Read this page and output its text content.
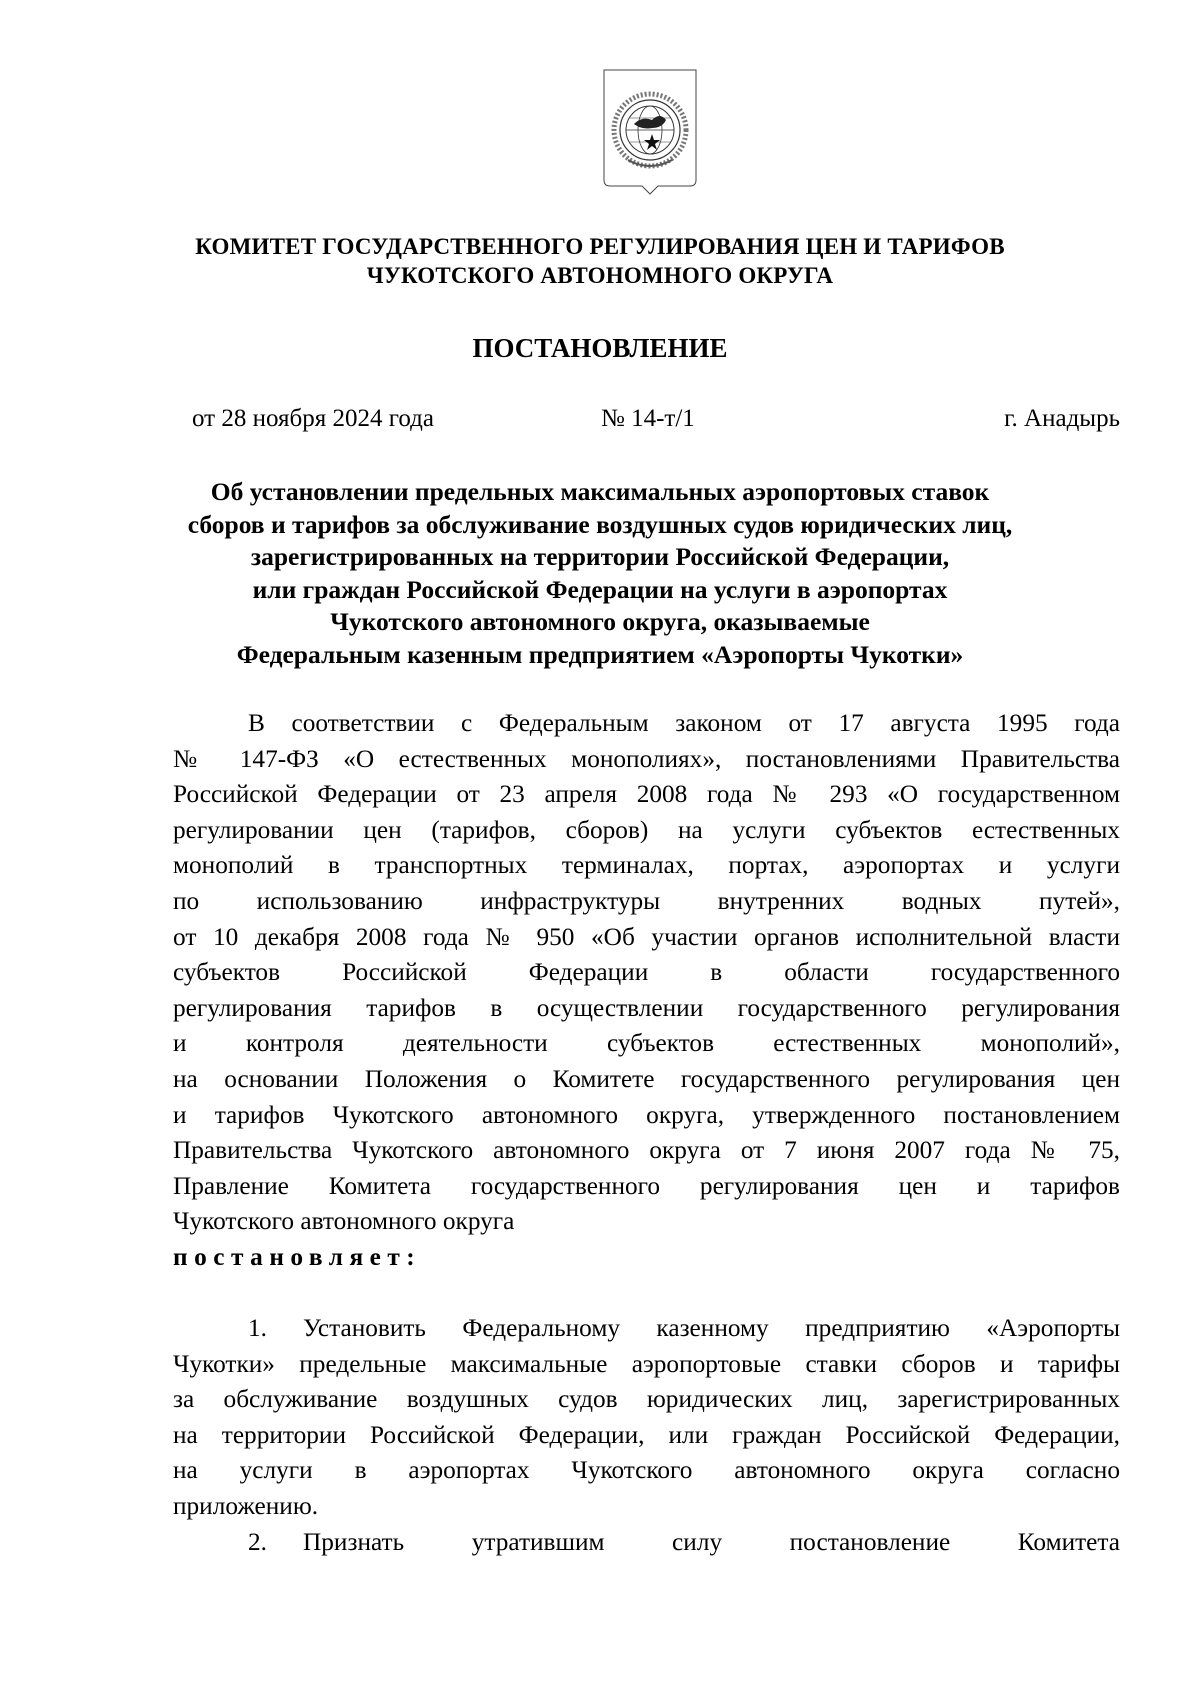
КОМИТЕТ ГОСУДАРСТВЕННОГО РЕГУЛИРОВАНИЯ ЦЕН И ТАРИФОВ
ЧУКОТСКОГО АВТОНОМНОГО ОКРУГА
ПОСТАНОВЛЕНИЕ
от 28 ноября 2024 года	№ 14-т/1	г. Анадырь
Об установлении предельных максимальных аэропортовых ставок
сборов и тарифов за обслуживание воздушных судов юридических лиц,
зарегистрированных на территории Российской Федерации,
или граждан Российской Федерации на услуги в аэропортах
Чукотского автономного округа, оказываемые
Федеральным казенным предприятием «Аэропорты Чукотки»
В соответствии с Федеральным законом от 17 августа 1995 года
№ 147-ФЗ «О естественных монополиях», постановлениями Правительства
Российской Федерации от 23 апреля 2008 года № 293 «О государственном
регулировании цен (тарифов, сборов) на услуги субъектов естественных
монополий в транспортных терминалах, портах, аэропортах и услуги
по использованию инфраструктуры внутренних водных путей»,
от 10 декабря 2008 года № 950 «Об участии органов исполнительной власти
субъектов Российской Федерации в области государственного
регулирования тарифов в осуществлении государственного регулирования
и контроля деятельности субъектов естественных монополий»,
на основании Положения о Комитете государственного регулирования цен
и тарифов Чукотского автономного округа, утвержденного постановлением
Правительства Чукотского автономного округа от 7 июня 2007 года № 75,
Правление Комитета государственного регулирования цен и тарифов
Чукотского автономного округа
постановляет:
1. Установить Федеральному казенному предприятию «Аэропорты
Чукотки» предельные максимальные аэропортовые ставки сборов и тарифы
за обслуживание воздушных судов юридических лиц, зарегистрированных
на территории Российской Федерации, или граждан Российской Федерации,
на услуги в аэропортах Чукотского автономного округа согласно
приложению.
2. Признать утратившим силу постановление Комитета
